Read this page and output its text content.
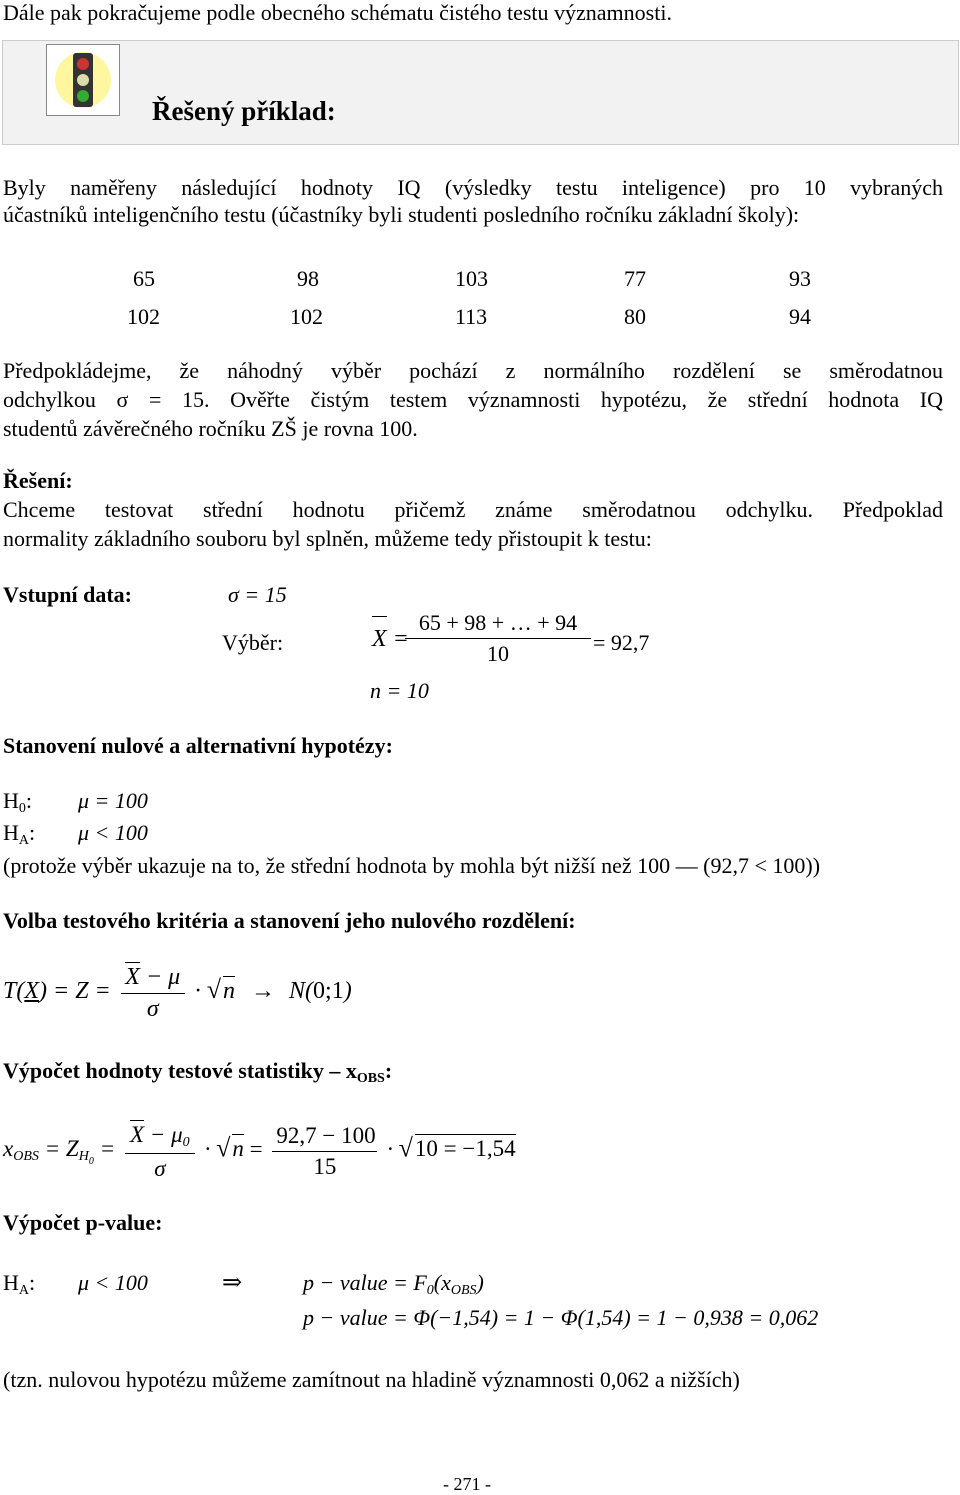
Dále pak pokračujeme podle obecného schématu čistého testu významnosti.
Řešený příklad:
Byly naměřeny následující hodnoty IQ (výsledky testu inteligence) pro 10 vybraných
účastníků inteligenčního testu (účastníky byli studenti posledního ročníku základní školy):
65	98	103	77	93
102	102	113	80	94
Předpokládejme, že náhodný výběr pochází z normálního rozdělení se směrodatnou
odchylkou σ = 15. Ověřte čistým testem významnosti hypotézu, že střední hodnota IQ
studentů závěrečného ročníku ZŠ je rovna 100.
Řešení:
Chceme testovat střední hodnotu přičemž známe směrodatnou odchylku. Předpoklad
normality základního souboru byl splněn, můžeme tedy přistoupit k testu:
Vstupní data:	σ = 15
Výběr:	X =
$\frac{65 + 98 + \dots + 94}{10} = 92,7$
n = 10
Stanovení nulové a alternativní hypotézy:
$H_0$: μ = 100
$H_A$: μ < 100
(protože výběr ukazuje na to, že střední hodnota by mohla být nižší než 100 — (92,7 < 100))
Volba testového kritéria a stanovení jeho nulového rozdělení:
$T(X) = Z = \frac{X - \mu}{\sigma} \cdot √n$ → N(0;1)
Výpočet hodnoty testové statistiky – $x_{OBS}$:
$x_{OBS} = Z_{H_0} = \frac{X - \mu_0}{\sigma} \cdot √n = \frac{92,7 - 100}{15} \cdot √10 = -1,54$
Výpočet p-value:
$H_A$: μ < 100	⇒	p − value = $F_0(x_{OBS})$
p − value = Φ(−1,54) = 1 − Φ(1,54) = 1 − 0,938 = 0,062
(tzn. nulovou hypotézu můžeme zamítnout na hladině významnosti 0,062 a nižších)
- 271 -
